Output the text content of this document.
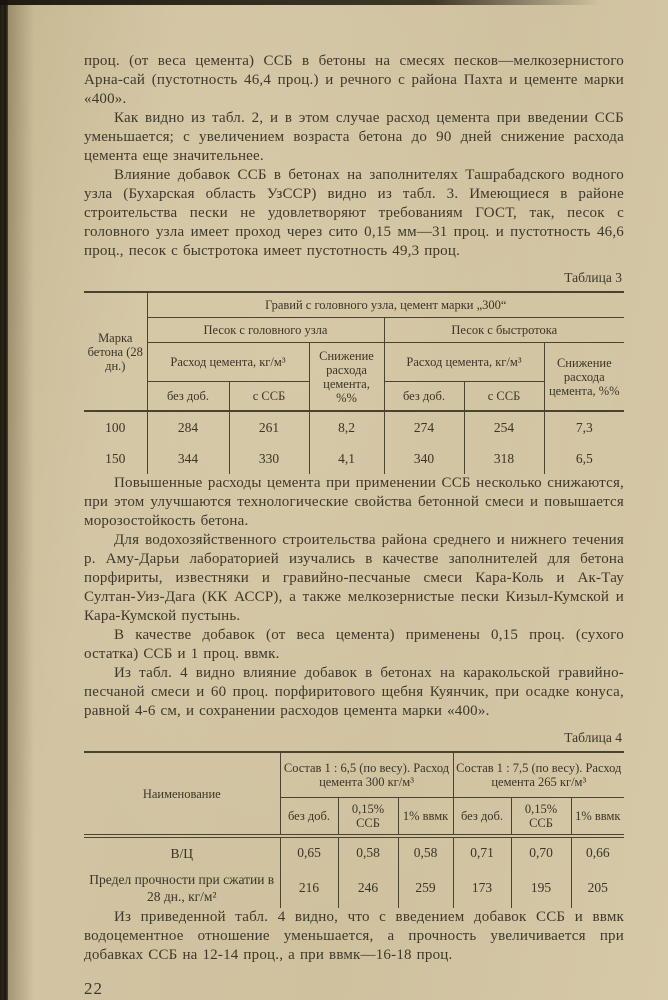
проц. (от веса цемента) ССБ в бетоны на смесях песков—мелкозернистого Арна-сай (пустотность 46,4 проц.) и речного с района Пахта и цементе марки «400».

Как видно из табл. 2, и в этом случае расход цемента при введении ССБ уменьшается; с увеличением возраста бетона до 90 дней снижение расхода цемента еще значительнее.

Влияние добавок ССБ в бетонах на заполнителях Ташрабадского водного узла (Бухарская область УзССР) видно из табл. 3. Имеющиеся в районе строительства пески не удовлетворяют требованиям ГОСТ, так, песок с головного узла имеет проход через сито 0,15 мм—31 проц. и пустотность 46,6 проц., песок с быстротока имеет пустотность 49,3 проц.

Таблица 3
Марка бетона (28 дн.)	Гравий с головного узла, цемент марки „300“					
	Песок с головного узла			Песок с быстротока		
	Расход цемента, кг/м³		Снижение расхода цемента, %%	Расход цемента, кг/м³		Снижение расхода цемента, %%
	без доб.	с ССБ		без доб.	с ССБ	
100	284	261	8,2	274	254	7,3
150	344	330	4,1	340	318	6,5

Повышенные расходы цемента при применении ССБ несколько снижаются, при этом улучшаются технологические свойства бетонной смеси и повышается морозостойкость бетона.

Для водохозяйственного строительства района среднего и нижнего течения р. Аму-Дарьи лабораторией изучались в качестве заполнителей для бетона порфириты, известняки и гравийно-песчаные смеси Кара-Коль и Ак-Тау Султан-Уиз-Дага (КК АССР), а также мелкозернистые пески Кизыл-Кумской и Кара-Кумской пустынь.

В качестве добавок (от веса цемента) применены 0,15 проц. (сухого остатка) ССБ и 1 проц. ввмк.

Из табл. 4 видно влияние добавок в бетонах на каракольской гравийно-песчаной смеси и 60 проц. порфиритового щебня Куянчик, при осадке конуса, равной 4-6 см, и сохранении расходов цемента марки «400».

Таблица 4
Наименование	Состав 1 : 6,5 (по весу). Расход цемента 300 кг/м³			Состав 1 : 7,5 (по весу). Расход цемента 265 кг/м³		
	без доб.	0,15% ССБ	1% ввмк	без доб.	0,15% ССБ	1% ввмк
В/Ц	0,65	0,58	0,58	0,71	0,70	0,66
Предел прочности при сжатии в 28 дн., кг/м²	216	246	259	173	195	205

Из приведенной табл. 4 видно, что с введением добавок ССБ и ввмк водоцементное отношение уменьшается, а прочность увеличивается при добавках ССБ на 12-14 проц., а при ввмк—16-18 проц.

22
